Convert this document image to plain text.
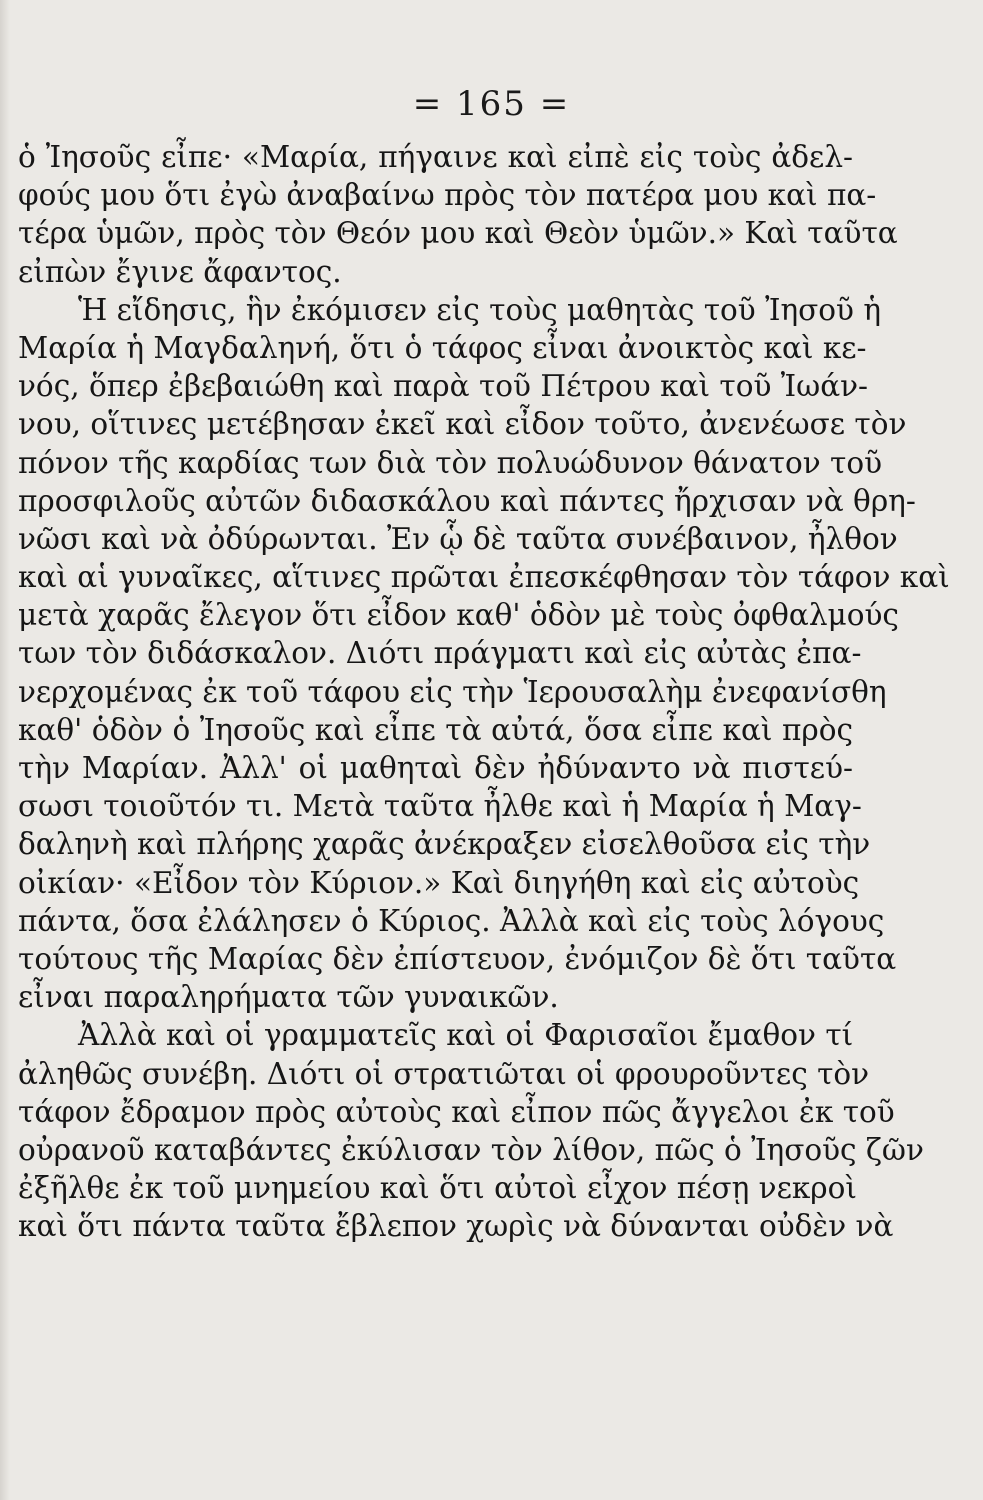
= 165 =
ὁ Ἰησοῦς εἶπε· «Μαρία, πήγαινε καὶ εἰπὲ εἰς τοὺς ἀδελ-
φούς μου ὅτι ἐγὼ ἀναβαίνω πρὸς τὸν πατέρα μου καὶ πα-
τέρα ὑμῶν, πρὸς τὸν Θεόν μου καὶ Θεὸν ὑμῶν.» Καὶ ταῦτα
εἰπὼν ἔγινε ἄφαντος.
Ἡ εἴδησις, ἣν ἐκόμισεν εἰς τοὺς μαθητὰς τοῦ Ἰησοῦ ἡ
Μαρία ἡ Μαγδαληνή, ὅτι ὁ τάφος εἶναι ἀνοικτὸς καὶ κε-
νός, ὅπερ ἐβεβαιώθη καὶ παρὰ τοῦ Πέτρου καὶ τοῦ Ἰωάν-
νου, οἵτινες μετέβησαν ἐκεῖ καὶ εἶδον τοῦτο, ἀνενέωσε τὸν
πόνον τῆς καρδίας των διὰ τὸν πολυώδυνον θάνατον τοῦ
προσφιλοῦς αὐτῶν διδασκάλου καὶ πάντες ἤρχισαν νὰ θρη-
νῶσι καὶ νὰ ὀδύρωνται. Ἐν ᾧ δὲ ταῦτα συνέβαινον, ἦλθον
καὶ αἱ γυναῖκες, αἵτινες πρῶται ἐπεσκέφθησαν τὸν τάφον καὶ
μετὰ χαρᾶς ἔλεγον ὅτι εἶδον καθ' ὁδὸν μὲ τοὺς ὀφθαλμούς
των τὸν διδάσκαλον. Διότι πράγματι καὶ εἰς αὐτὰς ἐπα-
νερχομένας ἐκ τοῦ τάφου εἰς τὴν Ἱερουσαλὴμ ἐνεφανίσθη
καθ' ὁδὸν ὁ Ἰησοῦς καὶ εἶπε τὰ αὐτά, ὅσα εἶπε καὶ πρὸς
τὴν Μαρίαν. Ἀλλ' οἱ μαθηταὶ δὲν ἠδύναντο νὰ πιστεύ-
σωσι τοιοῦτόν τι. Μετὰ ταῦτα ἦλθε καὶ ἡ Μαρία ἡ Μαγ-
δαληνὴ καὶ πλήρης χαρᾶς ἀνέκραξεν εἰσελθοῦσα εἰς τὴν
οἰκίαν· «Εἶδον τὸν Κύριον.» Καὶ διηγήθη καὶ εἰς αὐτοὺς
πάντα, ὅσα ἐλάλησεν ὁ Κύριος. Ἀλλὰ καὶ εἰς τοὺς λόγους
τούτους τῆς Μαρίας δὲν ἐπίστευον, ἐνόμιζον δὲ ὅτι ταῦτα
εἶναι παραληρήματα τῶν γυναικῶν.
Ἀλλὰ καὶ οἱ γραμματεῖς καὶ οἱ Φαρισαῖοι ἔμαθον τί
ἀληθῶς συνέβη. Διότι οἱ στρατιῶται οἱ φρουροῦντες τὸν
τάφον ἔδραμον πρὸς αὐτοὺς καὶ εἶπον πῶς ἄγγελοι ἐκ τοῦ
οὐρανοῦ καταβάντες ἐκύλισαν τὸν λίθον, πῶς ὁ Ἰησοῦς ζῶν
ἐξῆλθε ἐκ τοῦ μνημείου καὶ ὅτι αὐτοὶ εἶχον πέσῃ νεκροὶ
καὶ ὅτι πάντα ταῦτα ἔβλεπον χωρὶς νὰ δύνανται οὐδὲν νὰ
